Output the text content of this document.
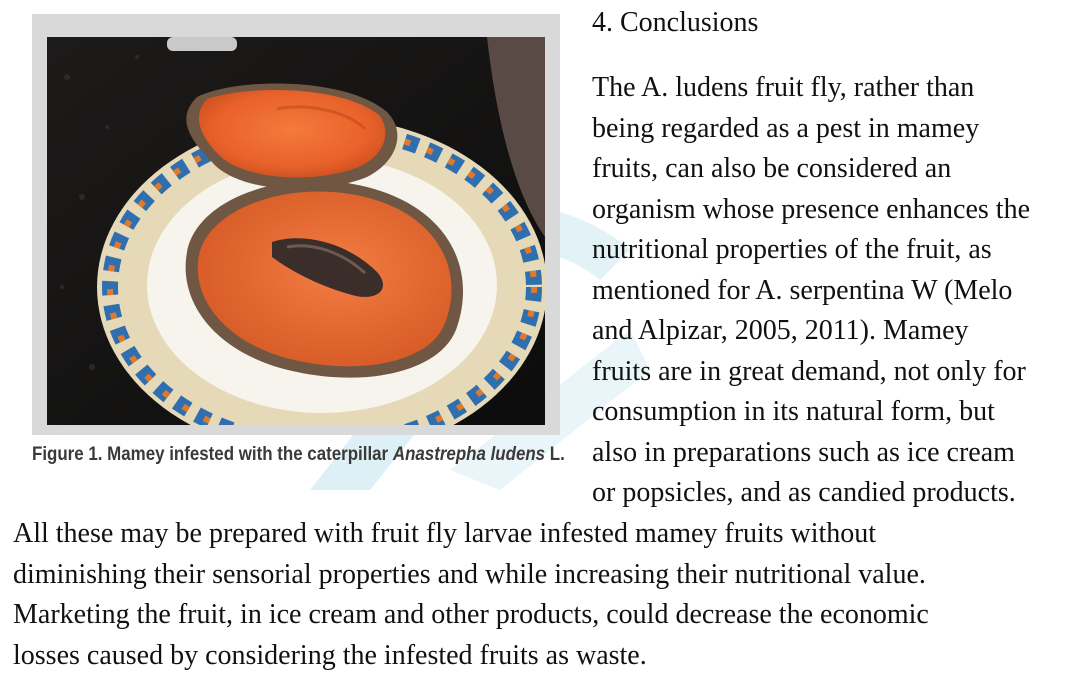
Figure 1. Mamey infested with the caterpillar Anastrepha ludens L.
4. Conclusions
The A. ludens fruit fly, rather than
being regarded as a pest in mamey
fruits, can also be considered an
organism whose presence enhances the
nutritional properties of the fruit, as
mentioned for A. serpentina W (Melo
and Alpizar, 2005, 2011). Mamey
fruits are in great demand, not only for
consumption in its natural form, but
also in preparations such as ice cream
or popsicles, and as candied products.
All these may be prepared with fruit fly larvae infested mamey fruits without
diminishing their sensorial properties and while increasing their nutritional value.
Marketing the fruit, in ice cream and other products, could decrease the economic
losses caused by considering the infested fruits as waste.
